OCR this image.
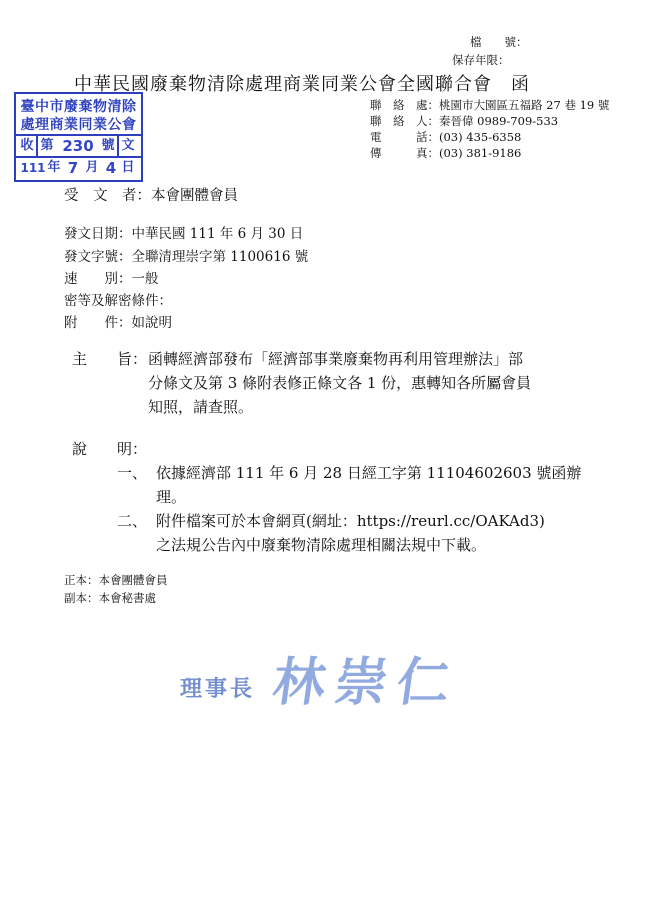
檔　　號：
保存年限：
中華民國廢棄物清除處理商業同業公會全國聯合會　函
聯　絡　處：桃園市大園區五福路 27 巷 19 號
聯　絡　人：秦晉偉 0989-709-533
電　　　話：(03) 435-6358
傳　　　真：(03) 381-9186
臺中市廢棄物清除
處理商業同業公會
收 第 230 號 文
111 年 7 月 4 日
受　文　者：本會團體會員
發文日期：中華民國 111 年 6 月 30 日
發文字號：全聯清理崇字第 1100616 號
速　　別：一般
密等及解密條件：
附　　件：如說明
主　　旨： 函轉經濟部發布「經濟部事業廢棄物再利用管理辦法」部
分條文及第 3 條附表修正條文各 1 份，惠轉知各所屬會員
知照，請查照。
說　　明：
一、 依據經濟部 111 年 6 月 28 日經工字第 11104602603 號函辦
理。
二、 附件檔案可於本會網頁(網址：https://reurl.cc/OAKAd3)
之法規公告內中廢棄物清除處理相關法規中下載。
正本：本會團體會員
副本：本會秘書處
理事長 林崇仁
